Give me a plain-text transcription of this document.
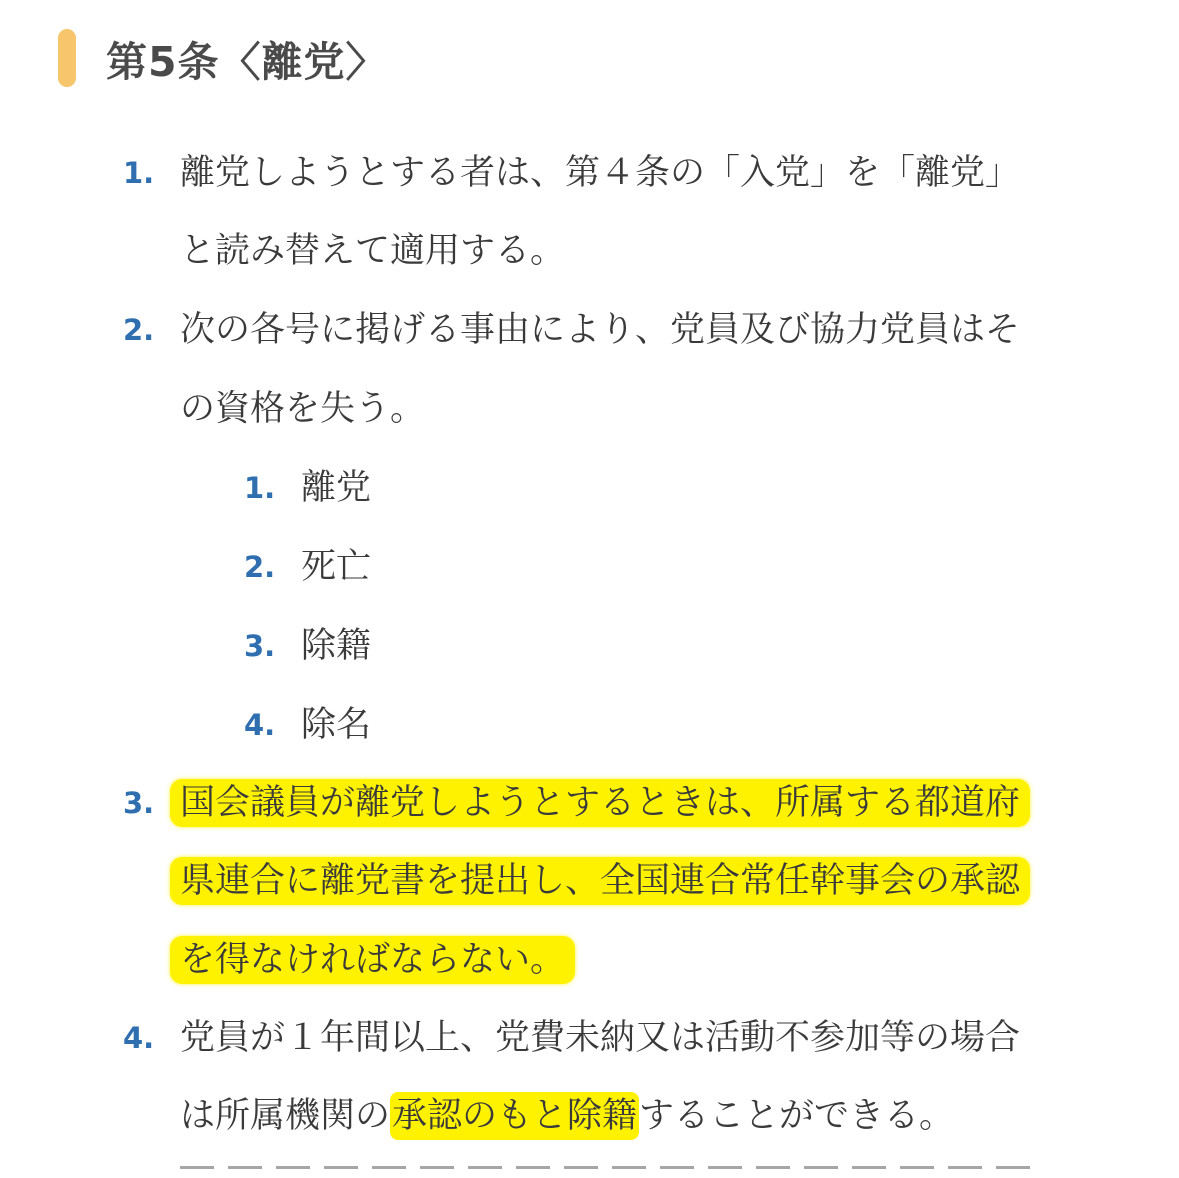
第5条〈離党〉
1. 離党しようとする者は、第４条の「入党」を「離党」
と読み替えて適用する。
2. 次の各号に掲げる事由により、党員及び協力党員はそ
の資格を失う。
1. 離党
2. 死亡
3. 除籍
4. 除名
3. 国会議員が離党しようとするときは、所属する都道府
県連合に離党書を提出し、全国連合常任幹事会の承認
を得なければならない。
4. 党員が１年間以上、党費未納又は活動不参加等の場合
は所属機関の承認のもと除籍することができる。
